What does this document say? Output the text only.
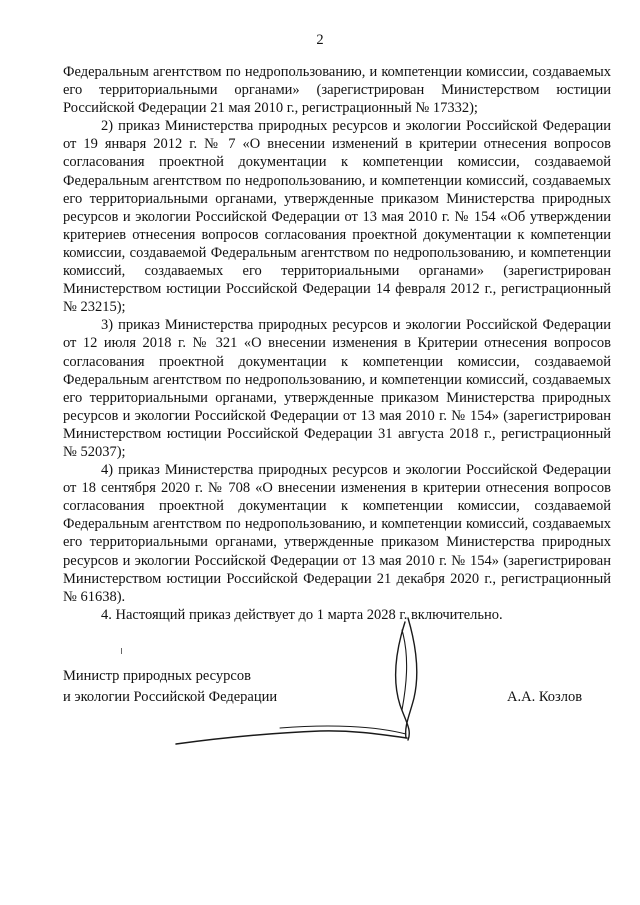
2

Федеральным агентством по недропользованию, и компетенции комиссии, создаваемых его территориальными органами» (зарегистрирован Министерством юстиции Российской Федерации 21 мая 2010 г., регистрационный № 17332);

2) приказ Министерства природных ресурсов и экологии Российской Федерации от 19 января 2012 г. № 7 «О внесении изменений в критерии отнесения вопросов согласования проектной документации к компетенции комиссии, создаваемой Федеральным агентством по недропользованию, и компетенции комиссий, создаваемых его территориальными органами, утвержденные приказом Министерства природных ресурсов и экологии Российской Федерации от 13 мая 2010 г. № 154 «Об утверждении критериев отнесения вопросов согласования проектной документации к компетенции комиссии, создаваемой Федеральным агентством по недропользованию, и компетенции комиссий, создаваемых его территориальными органами» (зарегистрирован Министерством юстиции Российской Федерации 14 февраля 2012 г., регистрационный № 23215);

3) приказ Министерства природных ресурсов и экологии Российской Федерации от 12 июля 2018 г. № 321 «О внесении изменения в Критерии отнесения вопросов согласования проектной документации к компетенции комиссии, создаваемой Федеральным агентством по недропользованию, и компетенции комиссий, создаваемых его территориальными органами, утвержденные приказом Министерства природных ресурсов и экологии Российской Федерации от 13 мая 2010 г. № 154» (зарегистрирован Министерством юстиции Российской Федерации 31 августа 2018 г., регистрационный № 52037);

4) приказ Министерства природных ресурсов и экологии Российской Федерации от 18 сентября 2020 г. № 708 «О внесении изменения в критерии отнесения вопросов согласования проектной документации к компетенции комиссии, создаваемой Федеральным агентством по недропользованию, и компетенции комиссий, создаваемых его территориальными органами, утвержденные приказом Министерства природных ресурсов и экологии Российской Федерации от 13 мая 2010 г. № 154» (зарегистрирован Министерством юстиции Российской Федерации 21 декабря 2020 г., регистрационный № 61638).

4. Настоящий приказ действует до 1 марта 2028 г. включительно.

Министр природных ресурсов
и экологии Российской Федерации	А.А. Козлов
